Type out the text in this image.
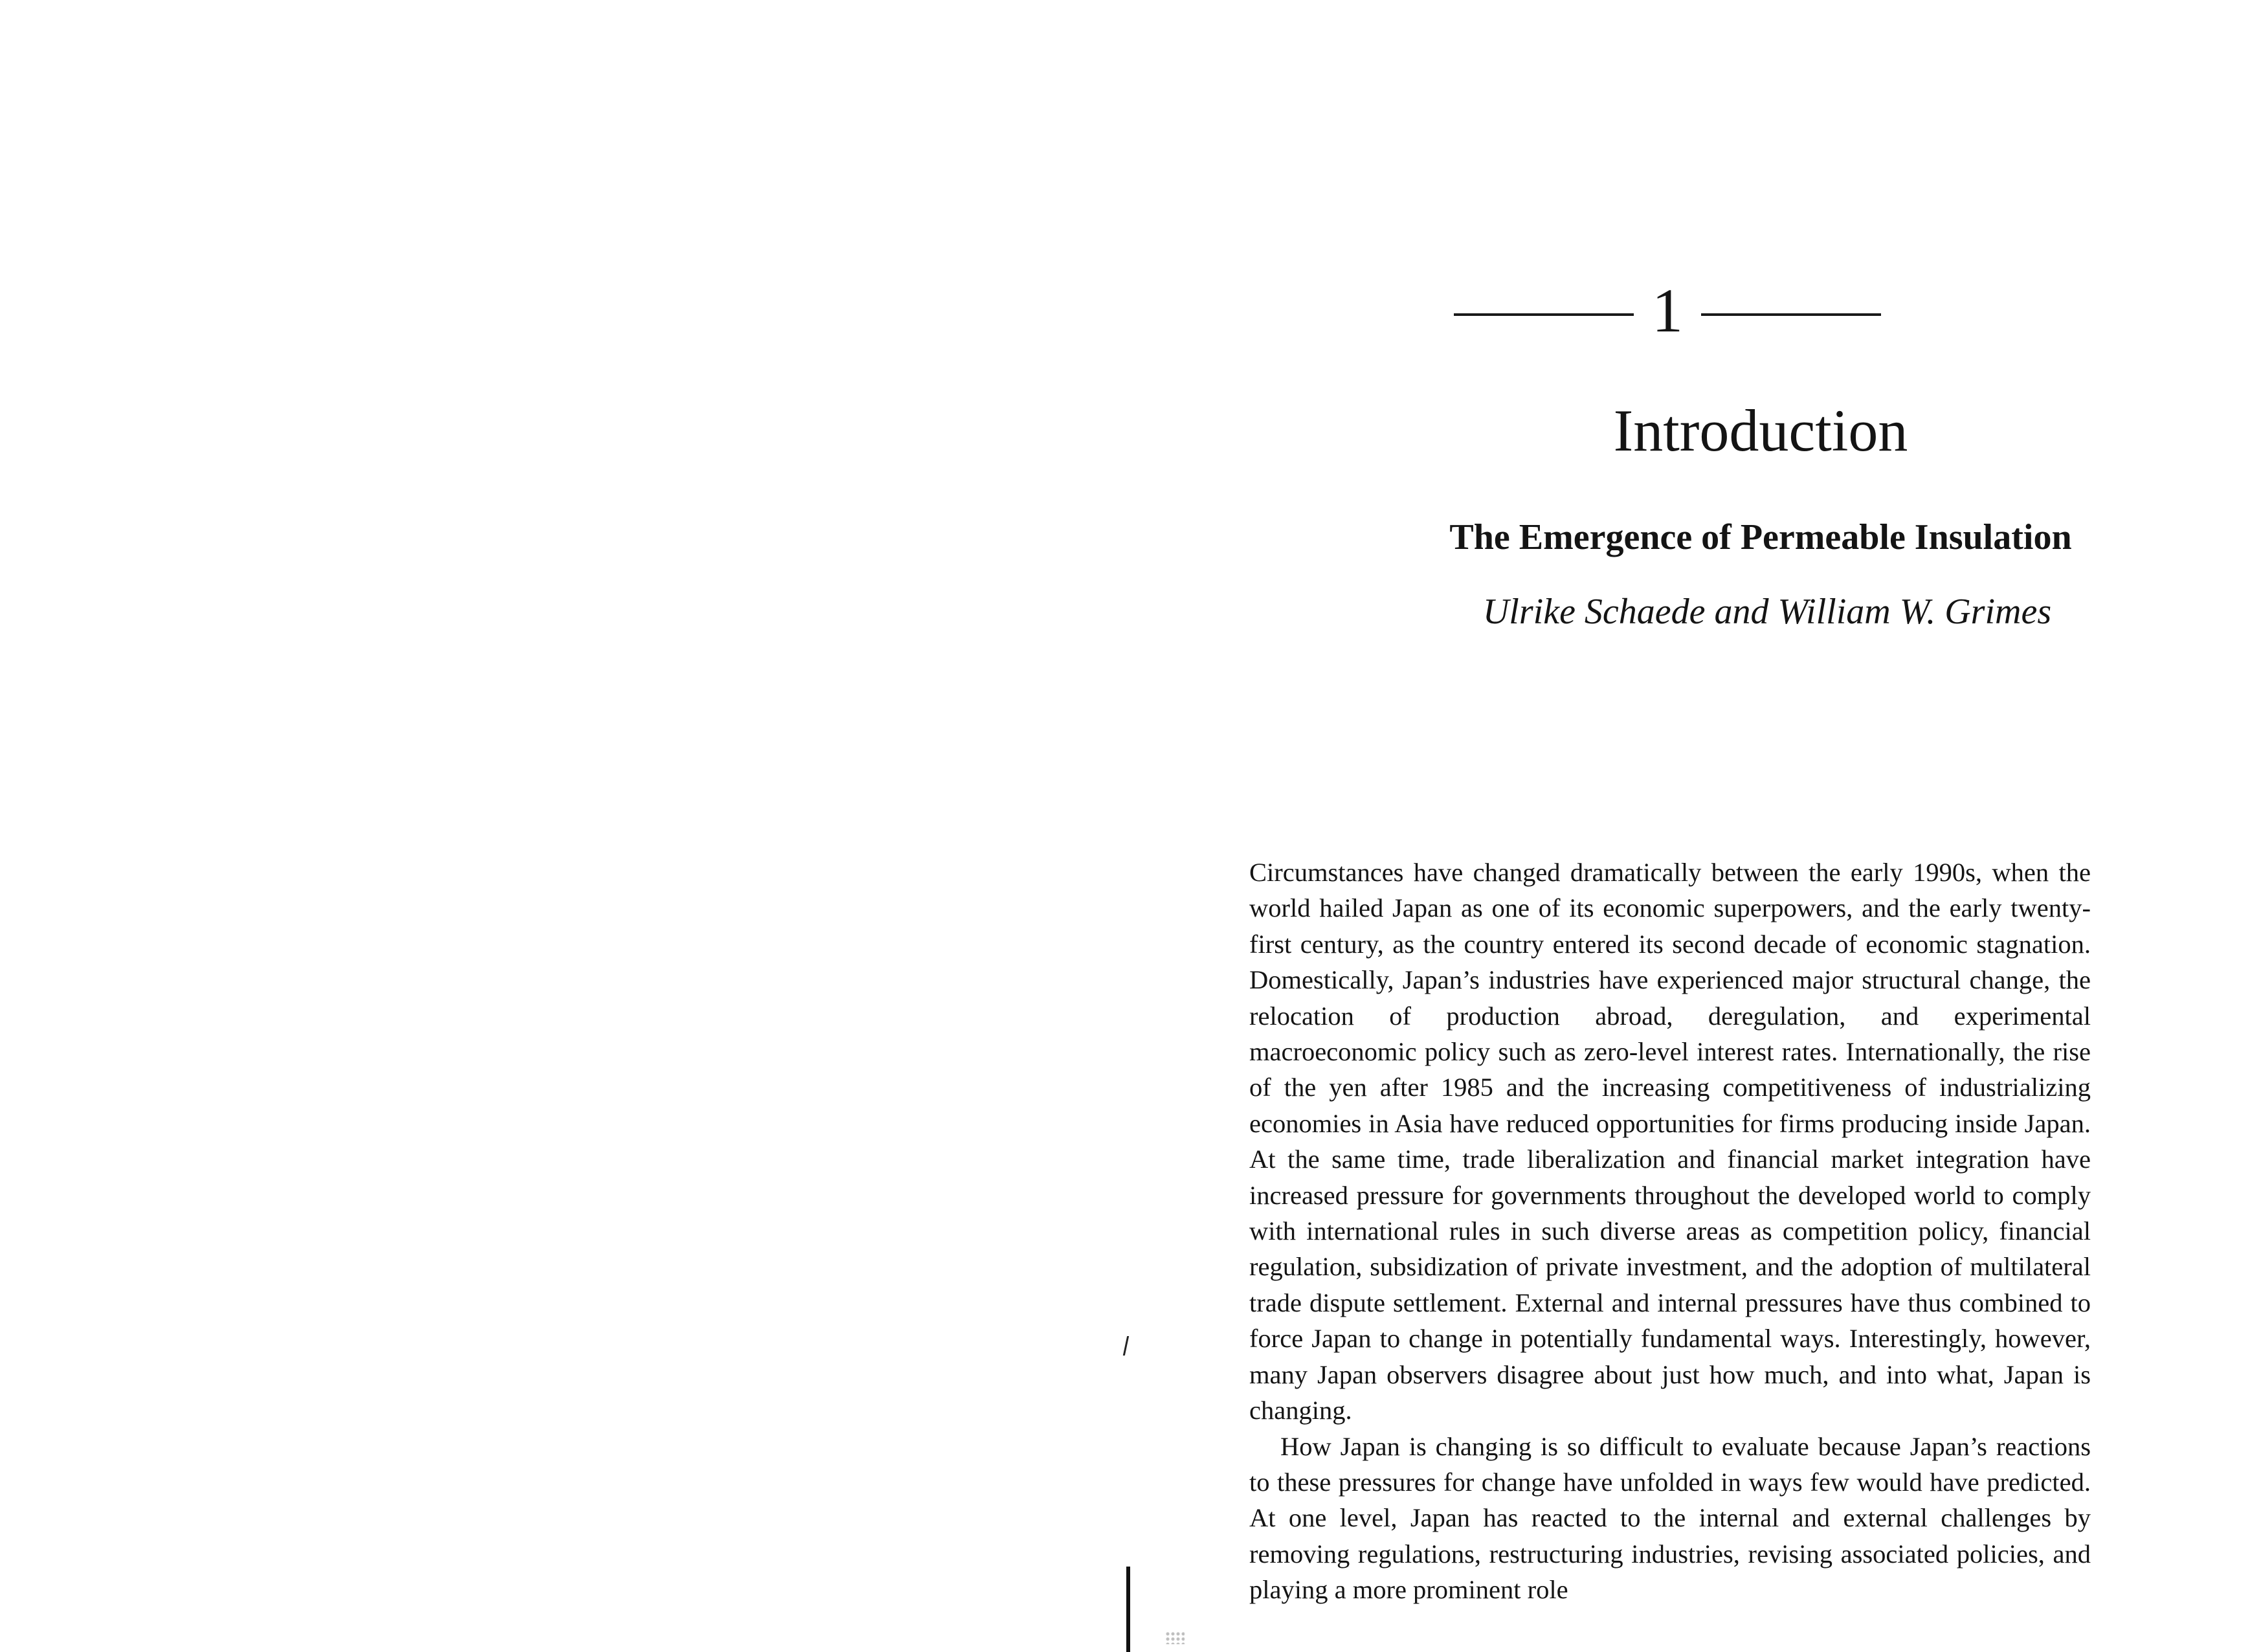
1
Introduction
The Emergence of Permeable Insulation
Ulrike Schaede and William W. Grimes

Circumstances have changed dramatically between the early 1990s, when the world hailed Japan as one of its economic superpowers, and the early twenty-first century, as the country entered its second decade of economic stagnation. Domestically, Japan’s industries have experienced major structural change, the relocation of production abroad, deregulation, and experimental macroeconomic policy such as zero-level interest rates. Internationally, the rise of the yen after 1985 and the increasing competitiveness of industrializing economies in Asia have reduced opportunities for firms producing inside Japan. At the same time, trade liberalization and financial market integration have increased pressure for governments throughout the developed world to comply with international rules in such diverse areas as competition policy, financial regulation, subsidization of private investment, and the adoption of multilateral trade dispute settlement. External and internal pressures have thus combined to force Japan to change in potentially fundamental ways. Interestingly, however, many Japan observers disagree about just how much, and into what, Japan is changing.

How Japan is changing is so difficult to evaluate because Japan’s reactions to these pressures for change have unfolded in ways few would have predicted. At one level, Japan has reacted to the internal and external challenges by removing regulations, restructuring industries, revising associated policies, and playing a more prominent role
